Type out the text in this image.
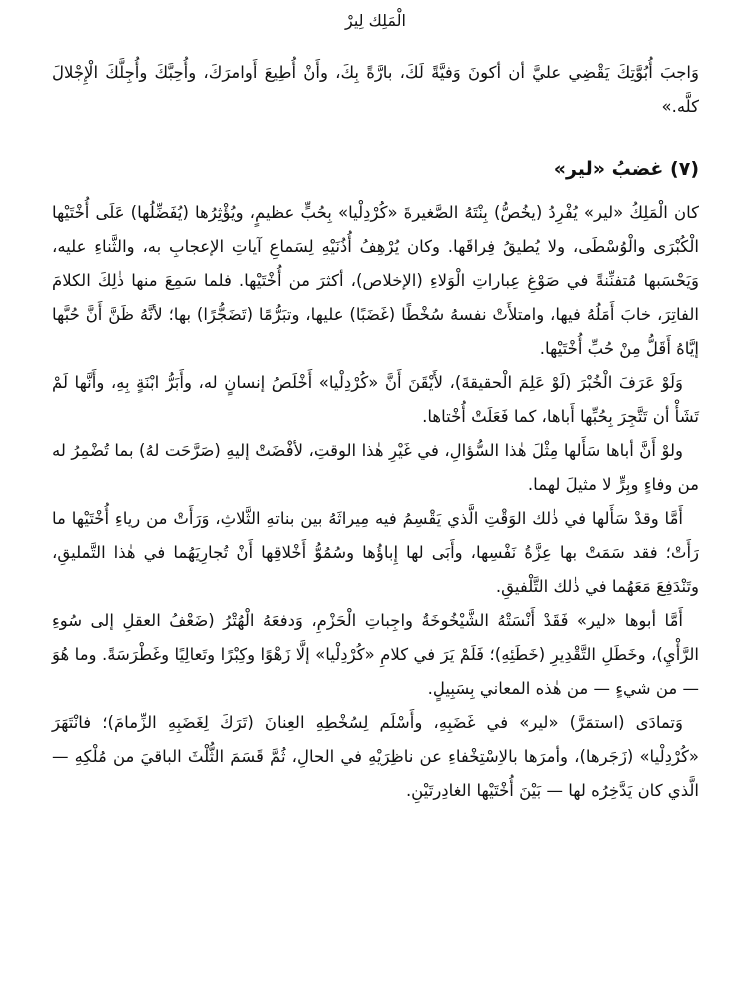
الْمَلِك لِيرْ

وَاجبَ أُبُوَّتِكَ يَقْضِي عليَّ أن أكونَ وَفيَّةً لَكَ، بارَّةً بِكَ، وأَنْ أُطِيعَ أَوامرَكَ، وأُحِبَّكَ وأُجِلَّكَ الْإِجْلالَ كلَّه.»

(٧) غضبُ «لير»

كان الْمَلِكُ «لير» يُفْرِدُ (يخُصُّ) بِنْتَهُ الصَّغيرةَ «كُرْدِلْيا» بِحُبٍّ عظيمٍ، ويُؤْثِرُها (يُفَضِّلُها) عَلَى أُخْتَيْها الْكُبْرَى والْوُسْطَى، ولا يُطيقُ فِراقَها. وكان يُرْهِفُ أُذُنَيْهِ لِسَماعِ آياتِ الإعجابِ به، والثَّناءِ عليه، وَيَحْسَبها مُتفنِّنةً في صَوْغِ عِباراتِ الْوَلاءِ (الإخلاص)، أكثرَ من أُخْتَيْها. فلما سَمِعَ منها ذٰلِكَ الكلامَ الفاتِرَ، خابَ أَمَلُهُ فيها، وامتلأَتْ نفسهُ سُخْطًا (غَضَبًا) عليها، وتبَرُّمًا (تَضَجُّرًا) بها؛ لأنَّهُ ظَنَّ أَنَّ حُبَّها إيَّاهُ أَقَلُّ مِنْ حُبِّ أُخْتَيْها.

وَلَوْ عَرَفَ الْخُبْرَ (لَوْ عَلِمَ الْحقيقةَ)، لأَيْقَنَ أَنَّ «كُرْدِلْيا» أَخْلَصُ إنسانٍ له، وأَبَرُّ ابْنَةٍ بِهِ، وأَنَّها لَمْ تَشَأْ أن تَتَّجِرَ بِحُبِّها أَباها، كما فَعَلَتْ أُخْتاها.

ولوْ أَنَّ أباها سَأَلها مِثْلَ هٰذا السُّؤالِ، في غَيْرِ هٰذا الوقتِ، لأفْضَتْ إليهِ (صَرَّحَت لهُ) بما تُضْمِرُ له من وفاءٍ وبِرٍّ لا مثيلَ لهما.

أَمَّا وقدْ سَأَلها في ذٰلك الوَقْتِ الَّذي يَقْسِمُ فيه مِيراثَهُ بين بناتهِ الثَّلاثِ، وَرَأَتْ من رياءِ أُخْتَيْها ما رَأَتْ؛ فقد سَمَتْ بها عِزَّةُ نَفْسِها، وأَبَى لها إِباؤُها وسُمُوُّ أَخْلاقِها أَنْ تُجارِيَهُما في هٰذا التَّمليقِ، وتَنْدَفِعَ مَعَهُما في ذٰلك التَّلْفيقِ.

أَمَّا أبوها «لير» فَقَدْ أَنْسَتْهُ الشَّيْخُوخَةُ واجِباتِ الْحَزْمِ، وَدفعَهُ الْهُتْرُ (ضَعْفُ العقلِ إلى سُوءِ الرَّأْيِ)، وخَطَلِ التَّقْدِيرِ (خَطَئِهِ)؛ فَلَمْ يَرَ في كلامِ «كُرْدِلْيا» إلَّا زَهْوًا وكِبْرًا وتَعالِيًا وغَطْرَسَةً. وما هُوَ — من شيءٍ — من هٰذه المعاني بِسَبِيلٍ.

وَتمادَى (استمَرَّ) «لير» في غَضَبِهِ، وأَسْلَم لِسُخْطِهِ العِنانَ (تَرَكَ لِغَضَبِهِ الزِّمامَ)؛ فانْتَهَرَ «كُرْدِلْيا» (زَجَرها)، وأمرَها بالاِسْتِخْفاءِ عن ناظِرَيْهِ في الحالِ، ثُمَّ قَسَمَ الثُّلْثَ الباقيَ من مُلْكِهِ — الَّذي كان يَدَّخِرُه لها — بَيْنَ أُخْتَيْها الغادِرتَيْنِ.
